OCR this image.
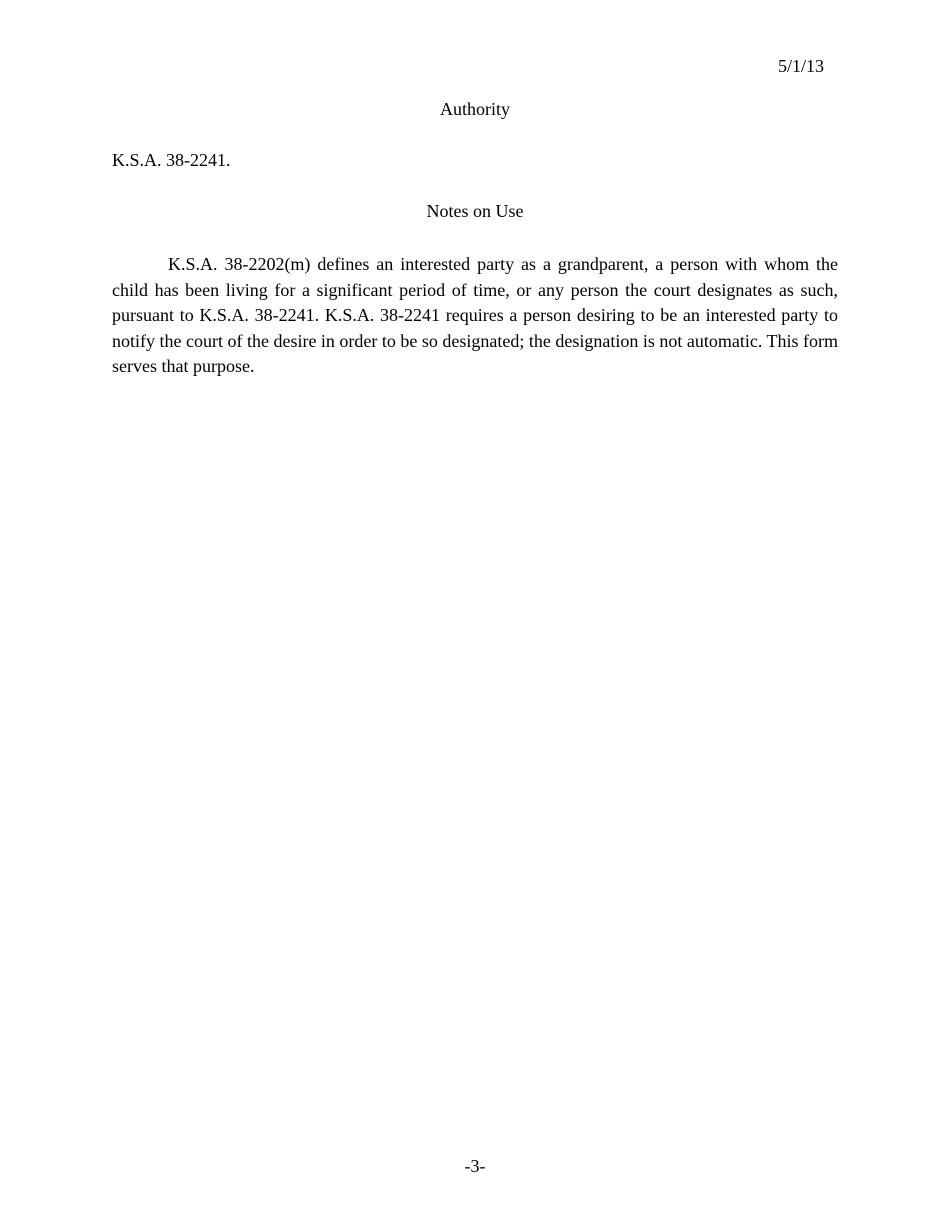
5/1/13
Authority
K.S.A. 38-2241.
Notes on Use

K.S.A. 38-2202(m) defines an interested party as a grandparent, a person with whom the child has been living for a significant period of time, or any person the court designates as such, pursuant to K.S.A. 38-2241. K.S.A. 38-2241 requires a person desiring to be an interested party to notify the court of the desire in order to be so designated; the designation is not automatic. This form serves that purpose.

-3-
